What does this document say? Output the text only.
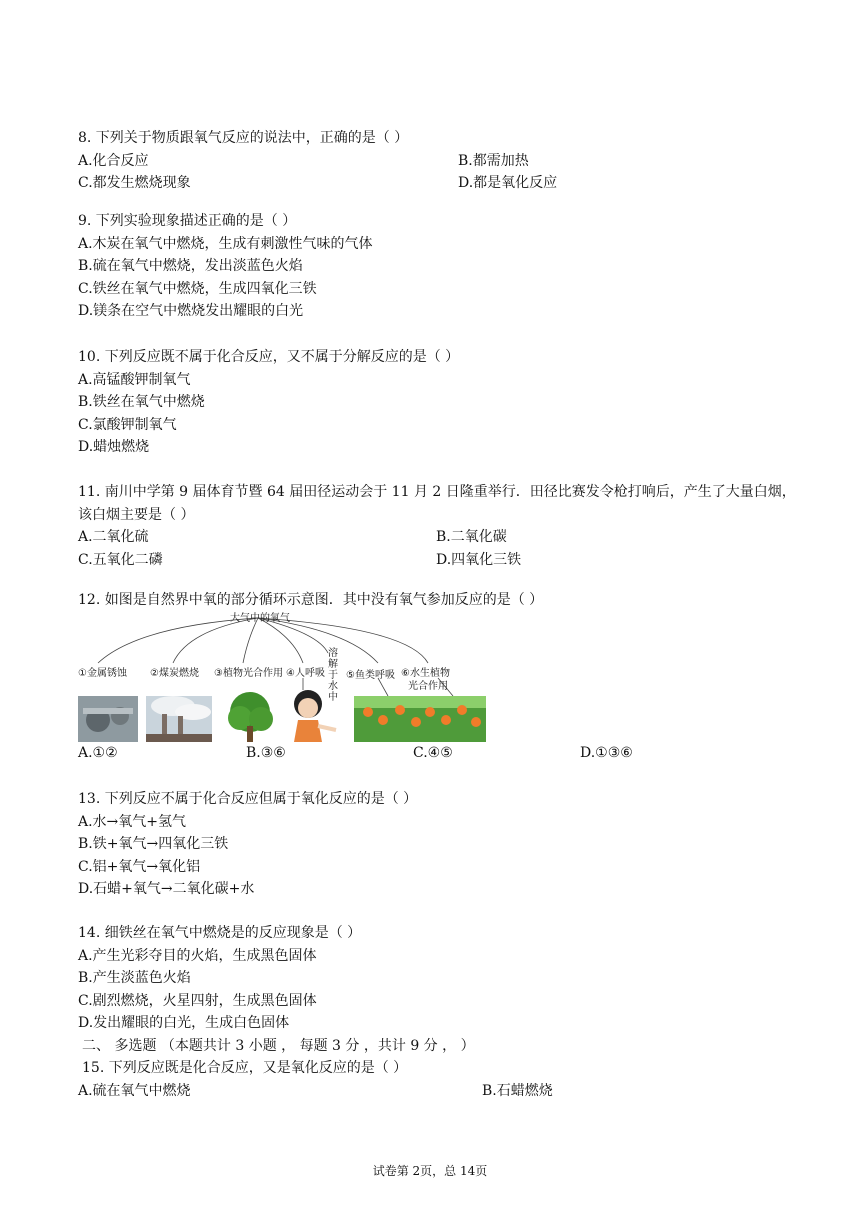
8. 下列关于物质跟氧气反应的说法中，正确的是（ ）
A.化合反应	B.都需加热
C.都发生燃烧现象	D.都是氧化反应
9. 下列实验现象描述正确的是（ ）
A.木炭在氧气中燃烧，生成有刺激性气味的气体
B.硫在氧气中燃烧，发出淡蓝色火焰
C.铁丝在氧气中燃烧，生成四氧化三铁
D.镁条在空气中燃烧发出耀眼的白光
10. 下列反应既不属于化合反应，又不属于分解反应的是（ ）
A.高锰酸钾制氧气
B.铁丝在氧气中燃烧
C.氯酸钾制氧气
D.蜡烛燃烧
11. 南川中学第 9 届体育节暨 64 届田径运动会于 11 月 2 日隆重举行．田径比赛发令枪打响后，产生了大量白烟，该白烟主要是（ ）
A.二氧化硫	B.二氧化碳
C.五氧化二磷	D.四氧化三铁
12. 如图是自然界中氧的部分循环示意图．其中没有氧气参加反应的是（ ）
大气中的氧气
①金属锈蚀 ②煤炭燃烧 ③植物光合作用 ④人呼吸
溶
解
于
水
中
⑤鱼类呼吸 ⑥水生植物
光合作用
A.①②	B.③⑥	C.④⑤	D.①③⑥
13. 下列反应不属于化合反应但属于氧化反应的是（ ）
A.水→氧气+氢气
B.铁+氧气→四氧化三铁
C.铝+氧气→氧化铝
D.石蜡+氧气→二氧化碳+水
14. 细铁丝在氧气中燃烧是的反应现象是（ ）
A.产生光彩夺目的火焰，生成黑色固体
B.产生淡蓝色火焰
C.剧烈燃烧，火星四射，生成黑色固体
D.发出耀眼的白光，生成白色固体
二、 多选题 （本题共计 3 小题 ， 每题 3 分 ，共计 9 分 ， ）
15. 下列反应既是化合反应，又是氧化反应的是（ ）
A.硫在氧气中燃烧	B.石蜡燃烧
试卷第 2页，总 14页
